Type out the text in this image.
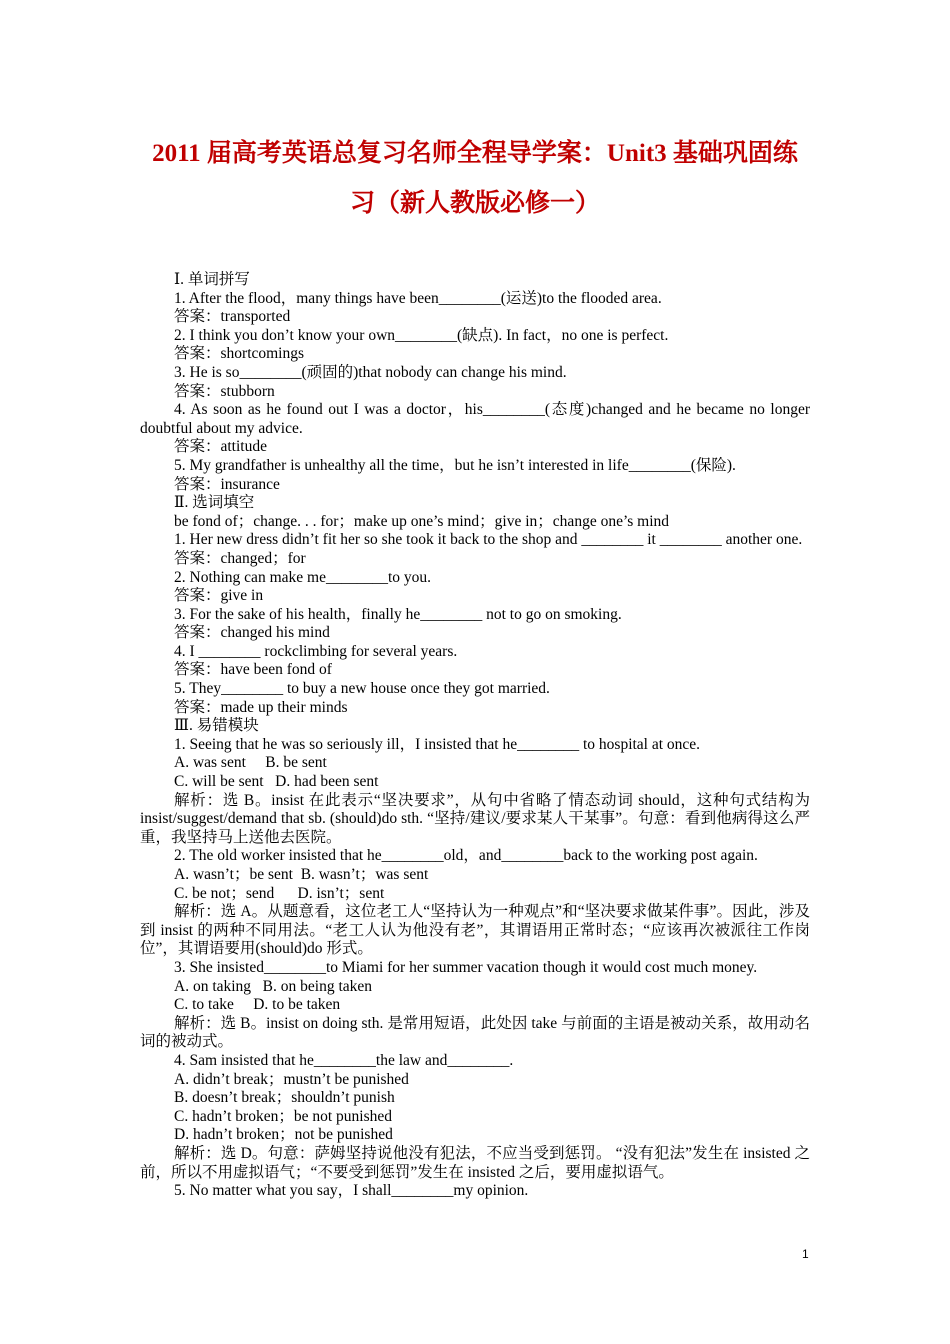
2011 届高考英语总复习名师全程导学案：Unit3 基础巩固练
习（新人教版必修一）

Ⅰ. 单词拼写

1. After the flood，many things have been________(运送)to the flooded area.

答案：transported

2. I think you don’t know your own________(缺点). In fact，no one is perfect.

答案：shortcomings

3. He is so________(顽固的)that nobody can change his mind.

答案：stubborn

4. As soon as he found out I was a doctor，his________(态度)changed and he became no longer doubtful about my advice.

答案：attitude

5. My grandfather is unhealthy all the time，but he isn’t interested in life________(保险).

答案：insurance

Ⅱ. 选词填空

be fond of；change. . . for；make up one’s mind；give in；change one’s mind

1. Her new dress didn’t fit her so she took it back to the shop and ________ it ________ another one.

答案：changed；for

2. Nothing can make me________to you.

答案：give in

3. For the sake of his health，finally he________ not to go on smoking.

答案：changed his mind

4. I ________ rockclimbing for several years.

答案：have been fond of

5. They________ to buy a new house once they got married.

答案：made up their minds

Ⅲ. 易错模块

1. Seeing that he was so seriously ill，I insisted that he________ to hospital at once.

A. was sent     B. be sent

C. will be sent   D. had been sent

解析：选 B。insist 在此表示“坚决要求”，从句中省略了情态动词 should，这种句式结构为 insist/suggest/demand that sb. (should)do sth. “坚持/建议/要求某人干某事”。句意：看到他病得这么严重，我坚持马上送他去医院。

2. The old worker insisted that he________old，and________back to the working post again.

A. wasn’t；be sent  B. wasn’t；was sent

C. be not；send      D. isn’t；sent

解析：选 A。从题意看，这位老工人“坚持认为一种观点”和“坚决要求做某件事”。因此，涉及到 insist 的两种不同用法。“老工人认为他没有老”，其谓语用正常时态；“应该再次被派往工作岗位”，其谓语要用(should)do 形式。

3. She insisted________to Miami for her summer vacation though it would cost much money.

A. on taking   B. on being taken

C. to take     D. to be taken

解析：选 B。insist on doing sth. 是常用短语，此处因 take 与前面的主语是被动关系，故用动名词的被动式。

4. Sam insisted that he________the law and________.

A. didn’t break；mustn’t be punished

B. doesn’t break；shouldn’t punish

C. hadn’t broken；be not punished

D. hadn’t broken；not be punished

解析：选 D。句意：萨姆坚持说他没有犯法，不应当受到惩罚。 “没有犯法”发生在 insisted 之前，所以不用虚拟语气；“不要受到惩罚”发生在 insisted 之后，要用虚拟语气。

5. No matter what you say，I shall________my opinion.

1
